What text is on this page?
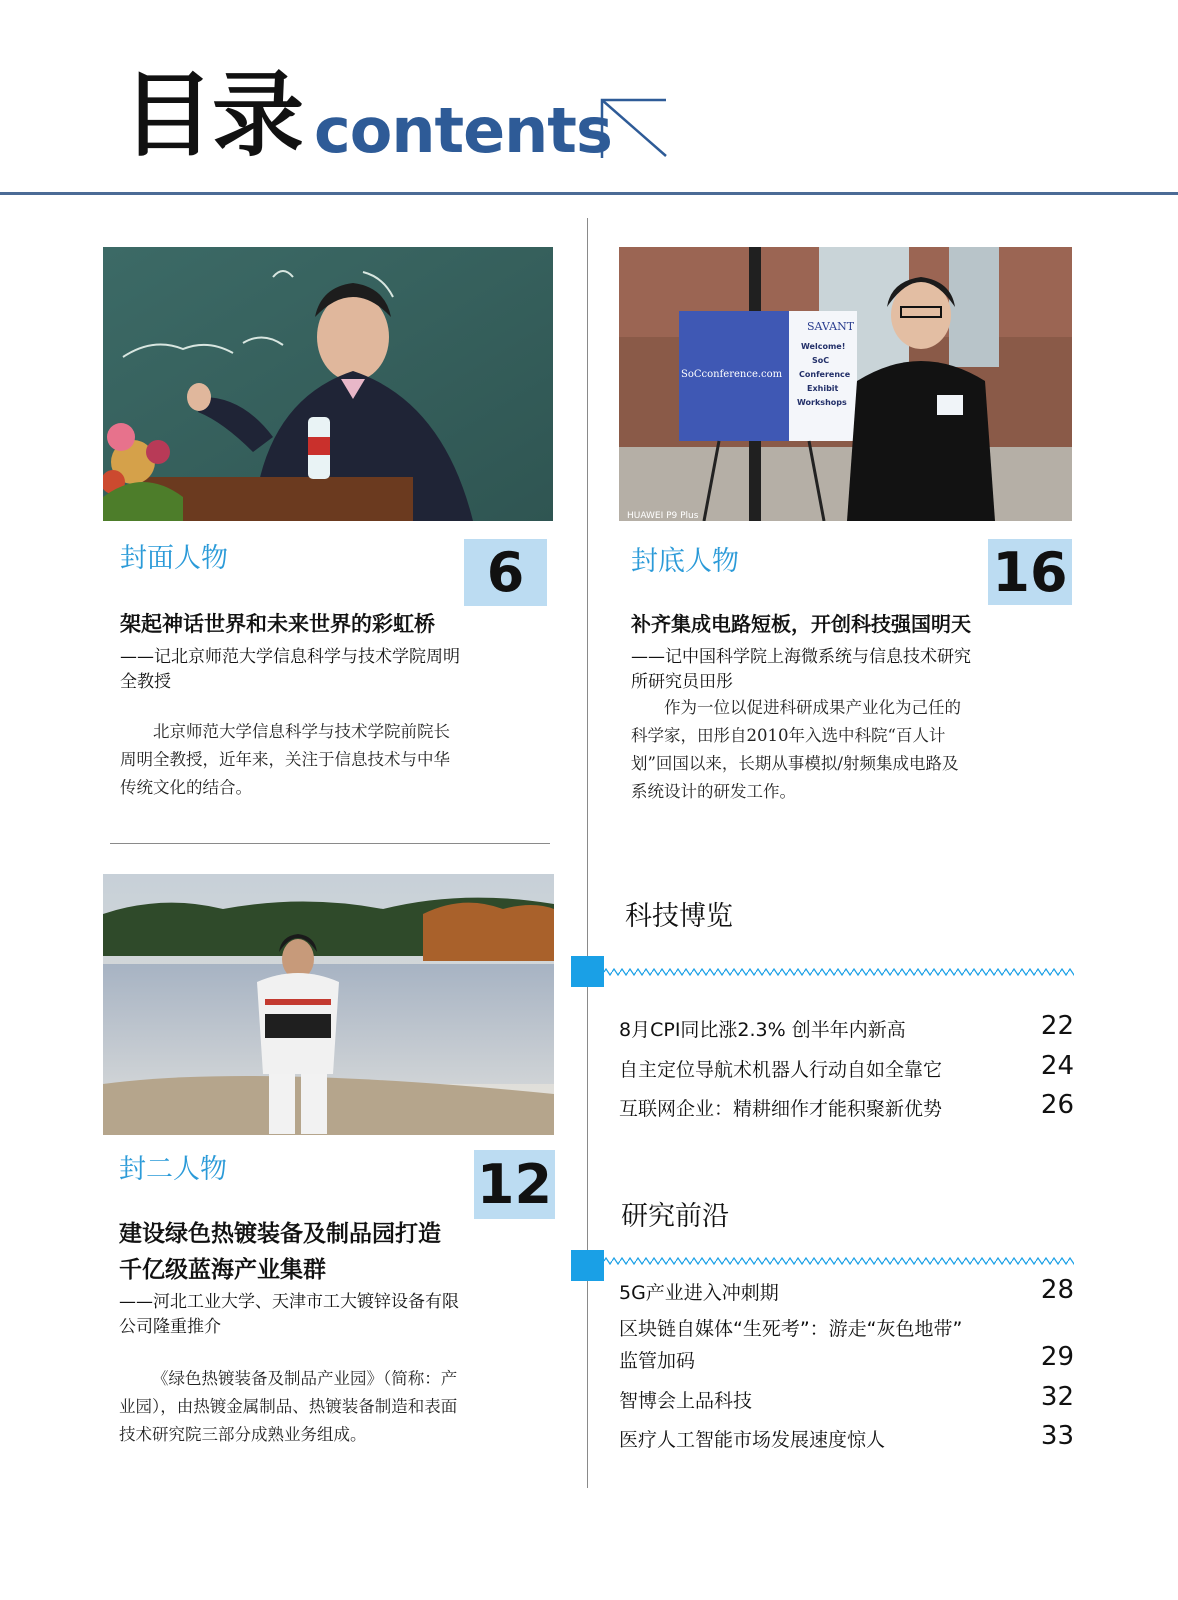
目录 contents
封面人物	6
架起神话世界和未来世界的彩虹桥
——记北京师范大学信息科学与技术学院周明全教授
北京师范大学信息科学与技术学院前院长周明全教授，近年来，关注于信息技术与中华传统文化的结合。
SAVANT
Welcome!
SoC
Conference
Exhibit
Workshops
SoCconference.com
HUAWEI P9 Plus
封底人物	16
补齐集成电路短板，开创科技强国明天
——记中国科学院上海微系统与信息技术研究所研究员田彤
作为一位以促进科研成果产业化为己任的科学家，田彤自2010年入选中科院“百人计划”回国以来，长期从事模拟/射频集成电路及系统设计的研发工作。
封二人物	12
建设绿色热镀装备及制品园打造千亿级蓝海产业集群
——河北工业大学、天津市工大镀锌设备有限公司隆重推介
《绿色热镀装备及制品产业园》（简称：产业园），由热镀金属制品、热镀装备制造和表面技术研究院三部分成熟业务组成。
科技博览
8月CPI同比涨2.3% 创半年内新高	22
自主定位导航术机器人行动自如全靠它	24
互联网企业：精耕细作才能积聚新优势	26
研究前沿
5G产业进入冲刺期	28
区块链自媒体“生死考”：游走“灰色地带”
监管加码	29
智博会上品科技	32
医疗人工智能市场发展速度惊人	33
